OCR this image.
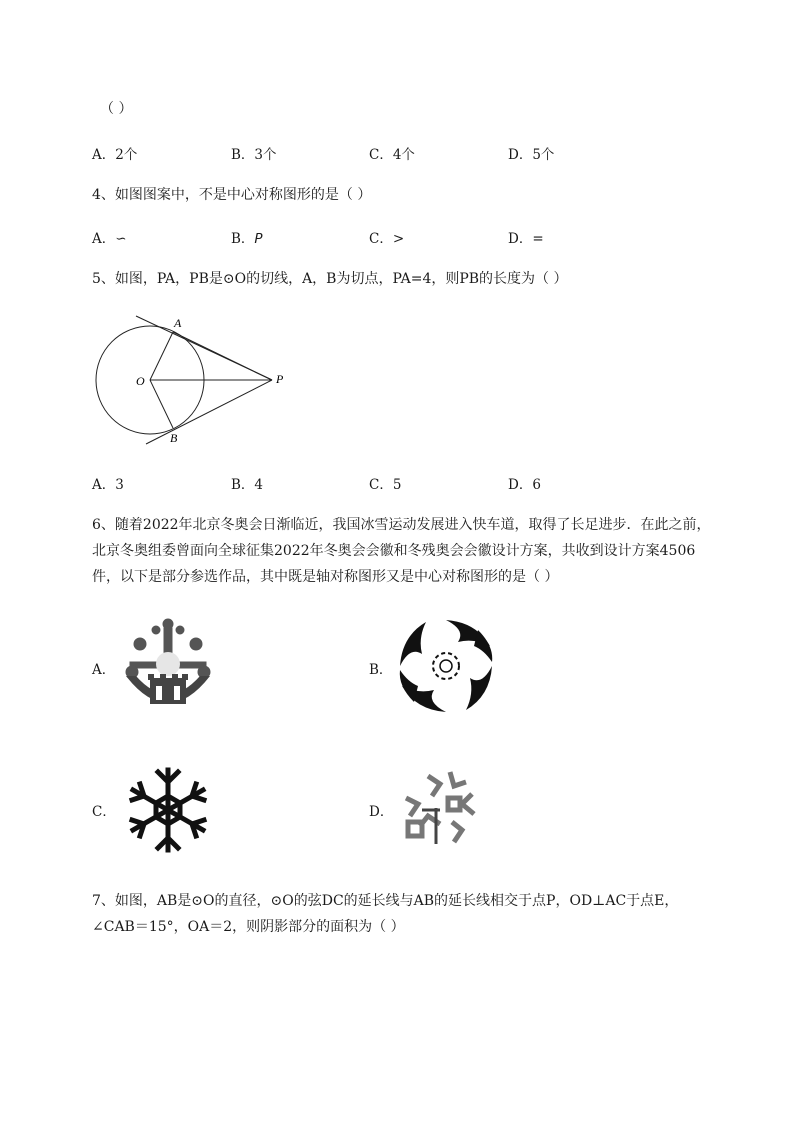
（ ）
A．2个	B．3个	C．4个	D．5个
4、如图图案中，不是中心对称图形的是（ ）
A．∽	B．𝘗	C．>	D．=
5、如图，PA，PB是⊙O的切线，A，B为切点，PA=4，则PB的长度为（ ）
A
O	P
B
A．3	B．4	C．5	D．6
6、随着2022年北京冬奥会日渐临近，我国冰雪运动发展进入快车道，取得了长足进步．在此之前，
北京冬奥组委曾面向全球征集2022年冬奥会会徽和冬残奥会会徽设计方案，共收到设计方案4506
件，以下是部分参选作品，其中既是轴对称图形又是中心对称图形的是（ ）
A．	B．
C．	D．
7、如图，AB是⊙O的直径，⊙O的弦DC的延长线与AB的延长线相交于点P，OD⊥AC于点E，
∠CAB＝15°，OA＝2，则阴影部分的面积为（ ）
